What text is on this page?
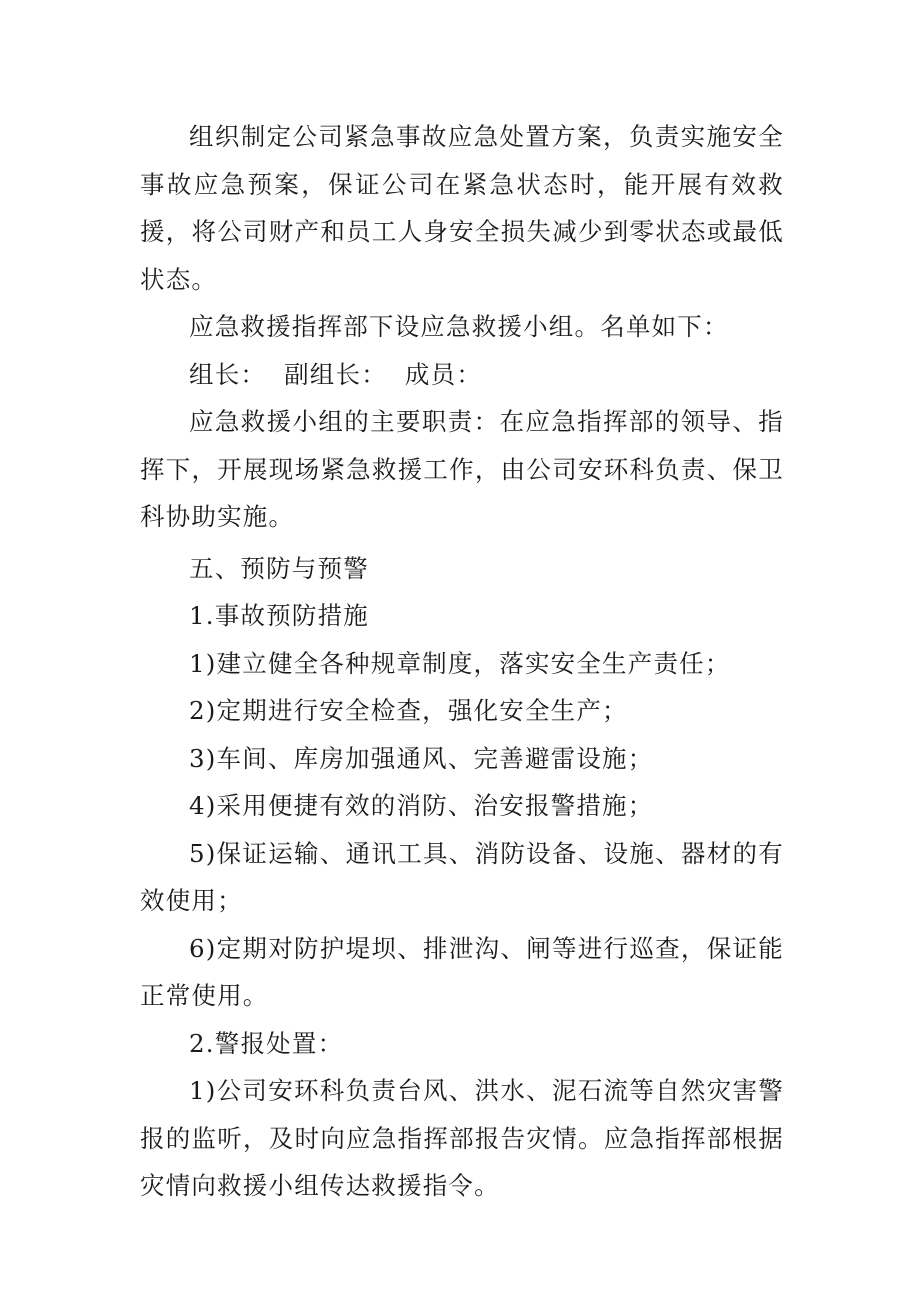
组织制定公司紧急事故应急处置方案，负责实施安全事故应急预案，保证公司在紧急状态时，能开展有效救援，将公司财产和员工人身安全损失减少到零状态或最低状态。

应急救援指挥部下设应急救援小组。名单如下：

组长： 副组长： 成员：

应急救援小组的主要职责：在应急指挥部的领导、指挥下，开展现场紧急救援工作，由公司安环科负责、保卫科协助实施。

五、预防与预警

1.事故预防措施

1)建立健全各种规章制度，落实安全生产责任；

2)定期进行安全检查，强化安全生产；

3)车间、库房加强通风、完善避雷设施；

4)采用便捷有效的消防、治安报警措施；

5)保证运输、通讯工具、消防设备、设施、器材的有效使用；

6)定期对防护堤坝、排泄沟、闸等进行巡查，保证能正常使用。

2.警报处置：

1)公司安环科负责台风、洪水、泥石流等自然灾害警报的监听，及时向应急指挥部报告灾情。应急指挥部根据灾情向救援小组传达救援指令。
